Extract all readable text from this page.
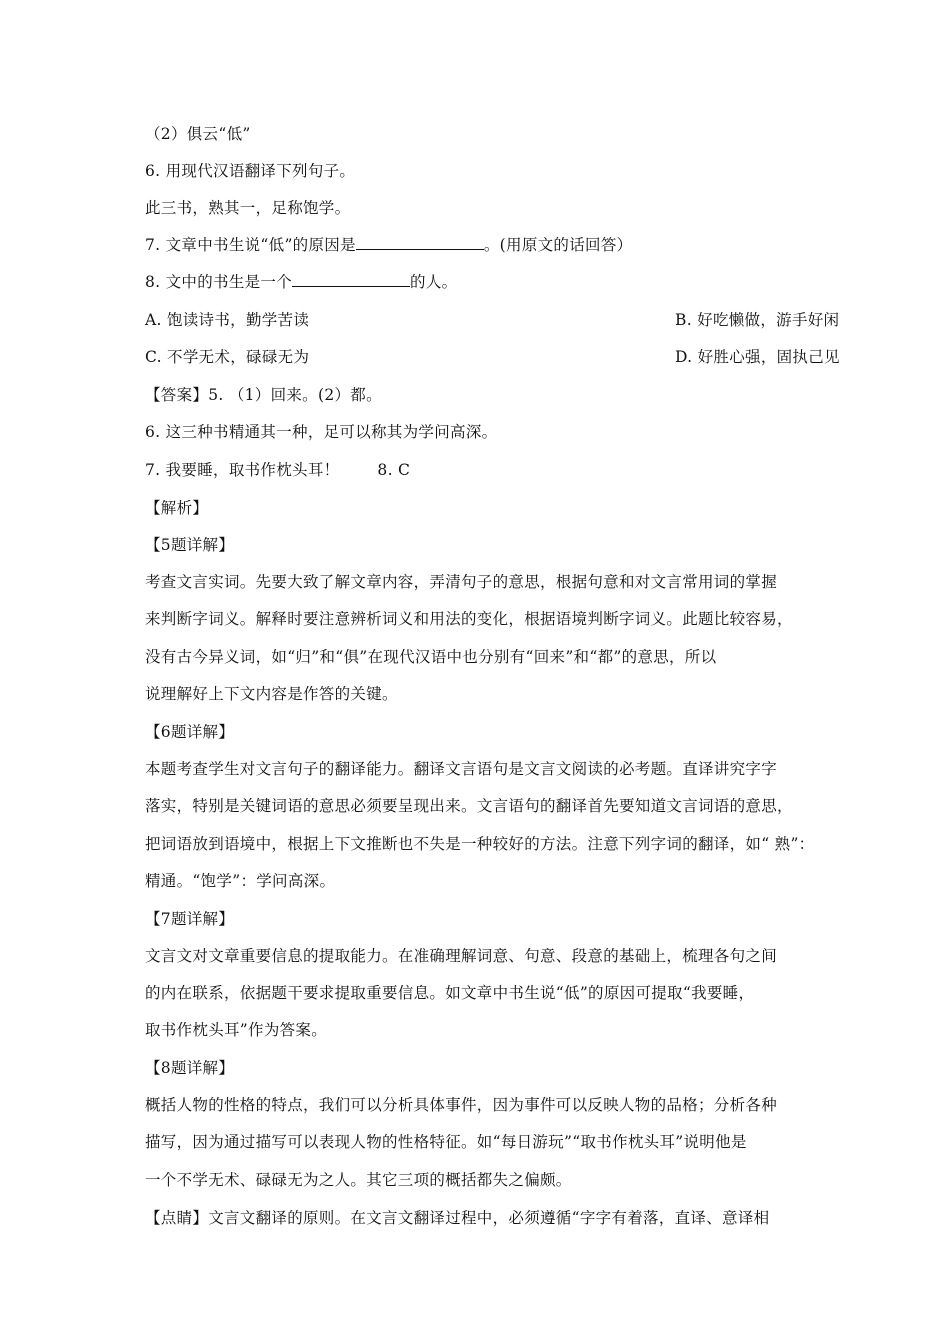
（2）俱云“低”
6. 用现代汉语翻译下列句子。
此三书，熟其一，足称饱学。
7. 文章中书生说“低”的原因是	。(用原文的话回答）
8. 文中的书生是一个	的人。
A. 饱读诗书，勤学苦读	B. 好吃懒做，游手好闲
C. 不学无术，碌碌无为	D. 好胜心强，固执己见
【答案】5. （1）回来。(2）都。
6. 这三种书精通其一种，足可以称其为学问高深。
7. 我要睡，取书作枕头耳！ 8. C
【解析】
【5题详解】
考查文言实词。先要大致了解文章内容，弄清句子的意思，根据句意和对文言常用词的掌握
来判断字词义。解释时要注意辨析词义和用法的变化，根据语境判断字词义。此题比较容易，
没有古今异义词，如“归”和“俱”在现代汉语中也分别有“回来”和“都”的意思，所以
说理解好上下文内容是作答的关键。
【6题详解】
本题考查学生对文言句子的翻译能力。翻译文言语句是文言文阅读的必考题。直译讲究字字
落实，特别是关键词语的意思必须要呈现出来。文言语句的翻译首先要知道文言词语的意思，
把词语放到语境中，根据上下文推断也不失是一种较好的方法。注意下列字词的翻译，如“ 熟”：
精通。“饱学”：学问高深。
【7题详解】
文言文对文章重要信息的提取能力。在准确理解词意、句意、段意的基础上，梳理各句之间
的内在联系，依据题干要求提取重要信息。如文章中书生说“低”的原因可提取“我要睡，
取书作枕头耳”作为答案。
【8题详解】
概括人物的性格的特点，我们可以分析具体事件，因为事件可以反映人物的品格；分析各种
描写，因为通过描写可以表现人物的性格特征。如“每日游玩”“取书作枕头耳”说明他是
一个不学无术、碌碌无为之人。其它三项的概括都失之偏颇。
【点睛】文言文翻译的原则。在文言文翻译过程中，必须遵循“字字有着落，直译、意译相
